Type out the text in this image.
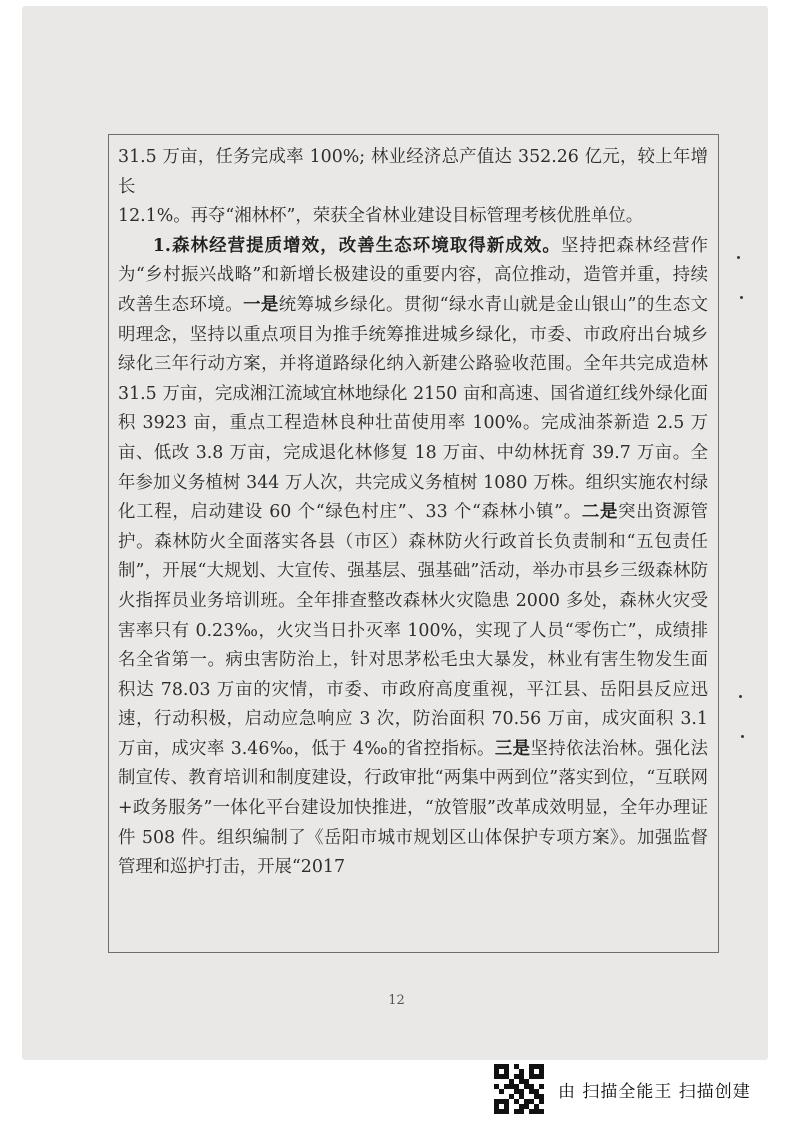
31.5 万亩，任务完成率 100%; 林业经济总产值达 352.26 亿元，较上年增长

12.1%。再夺“湘林杯”，荣获全省林业建设目标管理考核优胜单位。

1.森林经营提质增效，改善生态环境取得新成效。坚持把森林经营作为“乡村振兴战略”和新增长极建设的重要内容，高位推动，造管并重，持续改善生态环境。一是统筹城乡绿化。贯彻“绿水青山就是金山银山”的生态文明理念，坚持以重点项目为推手统筹推进城乡绿化，市委、市政府出台城乡绿化三年行动方案，并将道路绿化纳入新建公路验收范围。全年共完成造林 31.5 万亩，完成湘江流域宜林地绿化 2150 亩和高速、国省道红线外绿化面积 3923 亩，重点工程造林良种壮苗使用率 100%。完成油茶新造 2.5 万亩、低改 3.8 万亩，完成退化林修复 18 万亩、中幼林抚育 39.7 万亩。全年参加义务植树 344 万人次，共完成义务植树 1080 万株。组织实施农村绿化工程，启动建设 60 个“绿色村庄”、33 个“森林小镇”。二是突出资源管护。森林防火全面落实各县（市区）森林防火行政首长负责制和“五包责任制”，开展“大规划、大宣传、强基层、强基础”活动，举办市县乡三级森林防火指挥员业务培训班。全年排查整改森林火灾隐患 2000 多处，森林火灾受害率只有 0.23‰，火灾当日扑灭率 100%，实现了人员“零伤亡”，成绩排名全省第一。病虫害防治上，针对思茅松毛虫大暴发，林业有害生物发生面积达 78.03 万亩的灾情，市委、市政府高度重视，平江县、岳阳县反应迅速，行动积极，启动应急响应 3 次，防治面积 70.56 万亩，成灾面积 3.1 万亩，成灾率 3.46‰，低于 4‰的省控指标。三是坚持依法治林。强化法制宣传、教育培训和制度建设，行政审批“两集中两到位”落实到位，“互联网+政务服务”一体化平台建设加快推进，“放管服”改革成效明显，全年办理证件 508 件。组织编制了《岳阳市城市规划区山体保护专项方案》。加强监督管理和巡护打击，开展“2017

12
由 扫描全能王 扫描创建
